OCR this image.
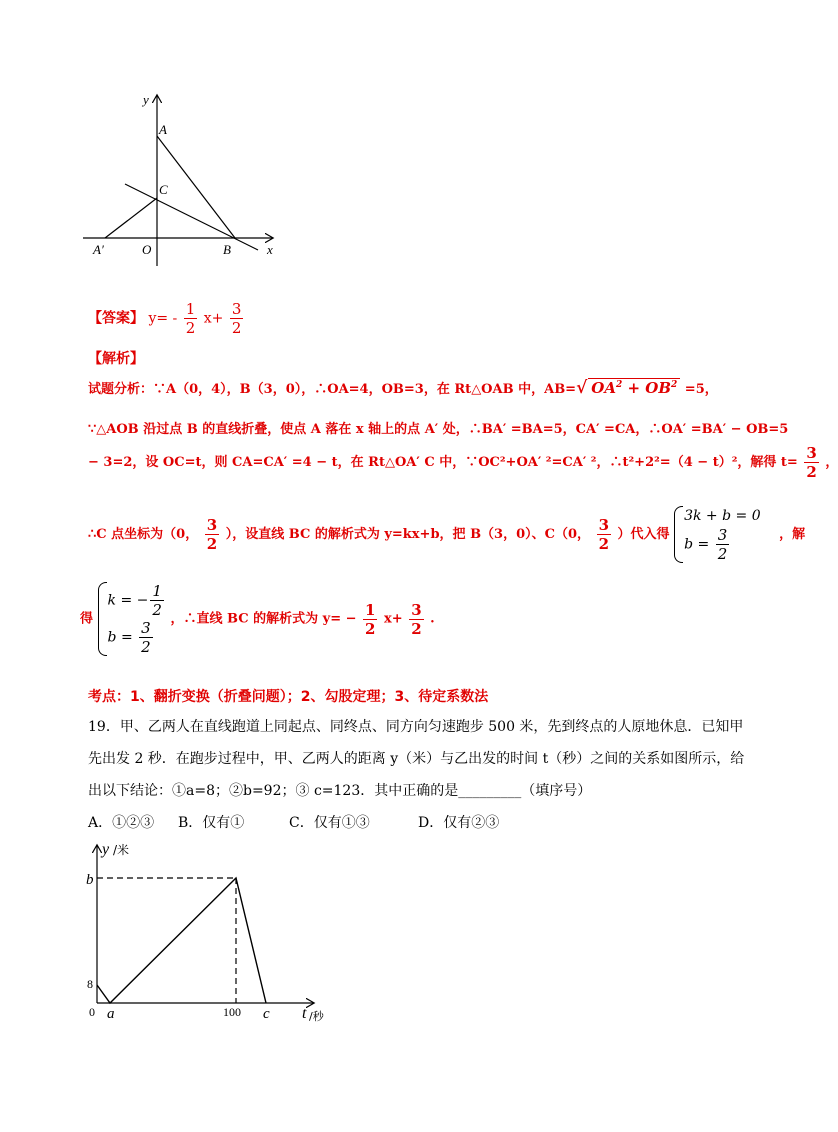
y
A
C
A′	O	B	x
【答案】 $y= - \frac{1}{2} x+ \frac{3}{2}$
【解析】
试题分析：∵A（0，4），B（3，0），∴OA=4，OB=3，在 Rt△OAB 中，AB=√ $OA^2 + OB^2 =5$，
∵△AOB 沿过点 B 的直线折叠，使点 A 落在 x 轴上的点 A′ 处，∴BA′ =BA=5，CA′ =CA，∴OA′ =BA′ − OB=5
− 3=2，设 OC=t，则 CA=CA′ =4 − t，在 Rt△OA′ C 中，∵OC²+OA′ ²=CA′ ²，∴t²+2²=（4 − t）²，解得 $t= \frac{3}{2}$ ，
∴C 点坐标为（0， $\frac{3}{2}$ ），设直线 BC 的解析式为 y=kx+b，把 B（3，0）、C（0， $\frac{3}{2}$ ）代入得
3k + b = 0
$b = \frac{3}{2}$	，解
得
k = − $\frac{1}{2}$
$b = \frac{3}{2}$ ，∴直线 BC 的解析式为 $y= - \frac{1}{2} x+ \frac{3}{2}$ .
考点：1、翻折变换（折叠问题）；2、勾股定理；3、待定系数法
19．甲、乙两人在直线跑道上同起点、同终点、同方向匀速跑步 500 米，先到终点的人原地休息．已知甲
先出发 2 秒．在跑步过程中，甲、乙两人的距离 y（米）与乙出发的时间 t（秒）之间的关系如图所示，给
出以下结论：①a=8；②b=92；③ c=123．其中正确的是_________（填序号）
A．①②③ B．仅有①	C．仅有①③	D．仅有②③
y /米
b
8
0 a	100 c t /秒
